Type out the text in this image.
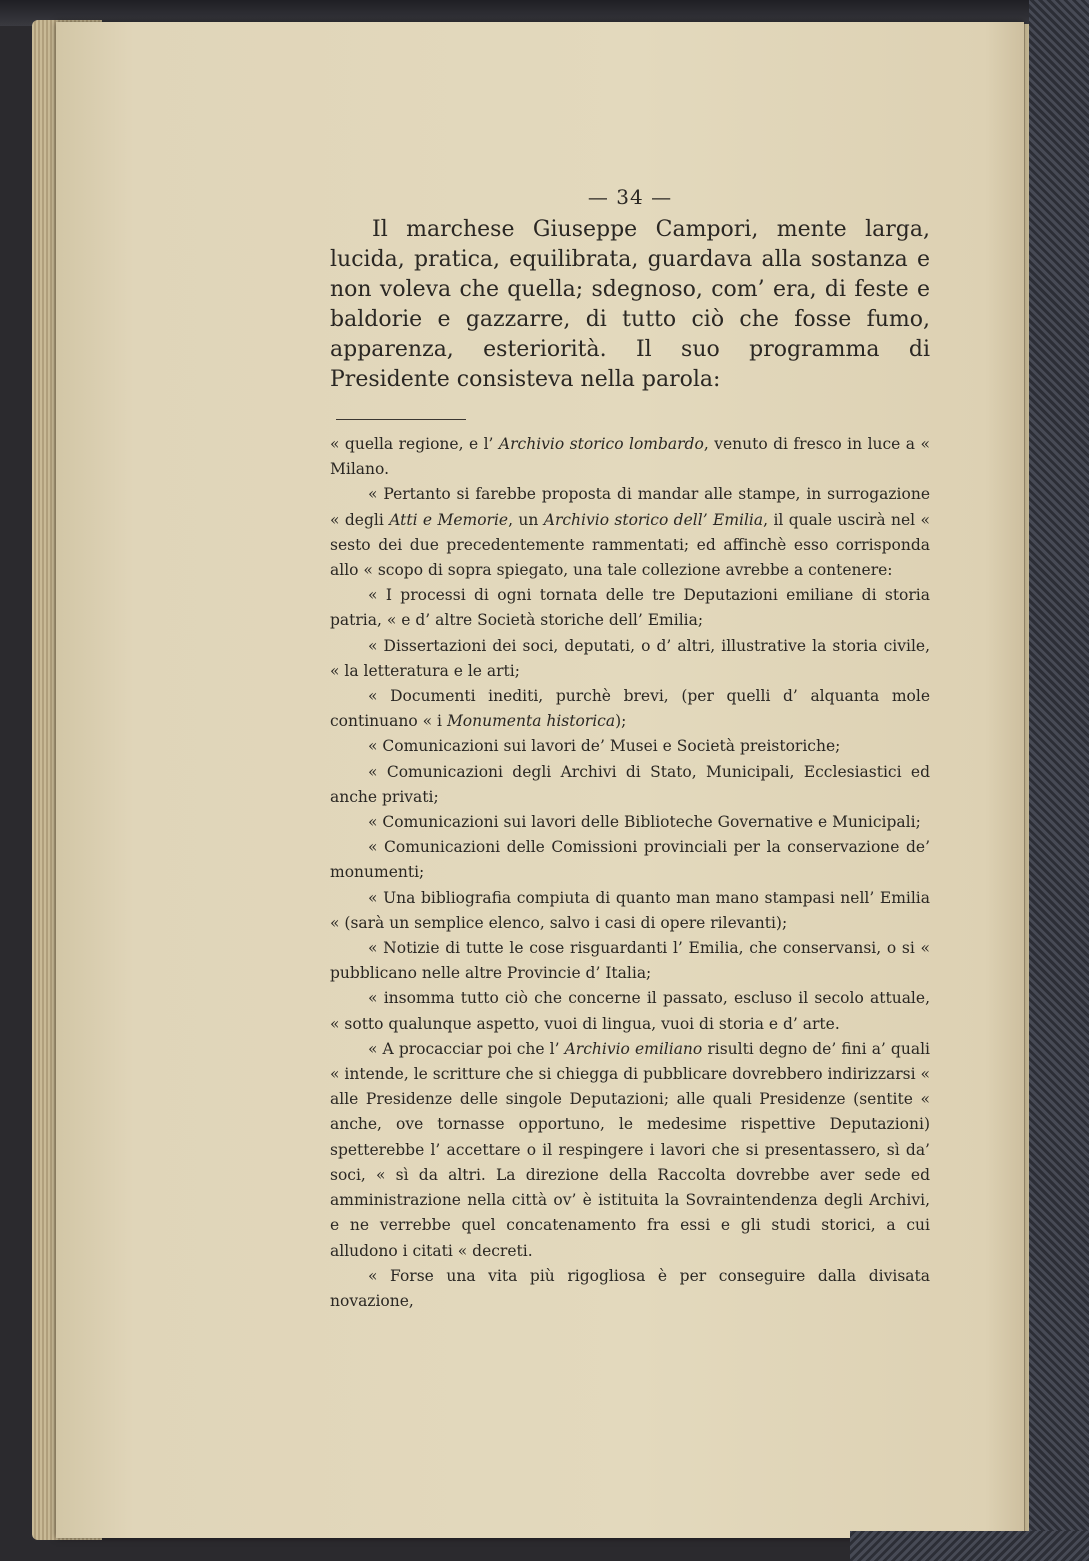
— 34 —

Il marchese Giuseppe Campori, mente larga, lucida, pratica, equilibrata, guardava alla sostanza e non voleva che quella; sdegnoso, com’ era, di feste e baldorie e gazzarre, di tutto ciò che fosse fumo, apparenza, esteriorità. Il suo programma di Presidente consisteva nella parola:

« quella regione, e l’ Archivio storico lombardo, venuto di fresco in luce a « Milano.

« Pertanto si farebbe proposta di mandar alle stampe, in surrogazione « degli Atti e Memorie, un Archivio storico dell’ Emilia, il quale uscirà nel « sesto dei due precedentemente rammentati; ed affinchè esso corrisponda allo « scopo di sopra spiegato, una tale collezione avrebbe a contenere:

« I processi di ogni tornata delle tre Deputazioni emiliane di storia patria, « e d’ altre Società storiche dell’ Emilia;

« Dissertazioni dei soci, deputati, o d’ altri, illustrative la storia civile, « la letteratura e le arti;

« Documenti inediti, purchè brevi, (per quelli d’ alquanta mole continuano « i Monumenta historica);

« Comunicazioni sui lavori de’ Musei e Società preistoriche;

« Comunicazioni degli Archivi di Stato, Municipali, Ecclesiastici ed anche privati;

« Comunicazioni sui lavori delle Biblioteche Governative e Municipali;

« Comunicazioni delle Comissioni provinciali per la conservazione de’ monumenti;

« Una bibliografia compiuta di quanto man mano stampasi nell’ Emilia « (sarà un semplice elenco, salvo i casi di opere rilevanti);

« Notizie di tutte le cose risguardanti l’ Emilia, che conservansi, o si « pubblicano nelle altre Provincie d’ Italia;

« insomma tutto ciò che concerne il passato, escluso il secolo attuale, « sotto qualunque aspetto, vuoi di lingua, vuoi di storia e d’ arte.

« A procacciar poi che l’ Archivio emiliano risulti degno de’ fini a’ quali « intende, le scritture che si chiegga di pubblicare dovrebbero indirizzarsi « alle Presidenze delle singole Deputazioni; alle quali Presidenze (sentite « anche, ove tornasse opportuno, le medesime rispettive Deputazioni) spetterebbe l’ accettare o il respingere i lavori che si presentassero, sì da’ soci, « sì da altri. La direzione della Raccolta dovrebbe aver sede ed amministrazione nella città ov’ è istituita la Sovraintendenza degli Archivi, e ne verrebbe quel concatenamento fra essi e gli studi storici, a cui alludono i citati « decreti.

« Forse una vita più rigogliosa è per conseguire dalla divisata novazione,
